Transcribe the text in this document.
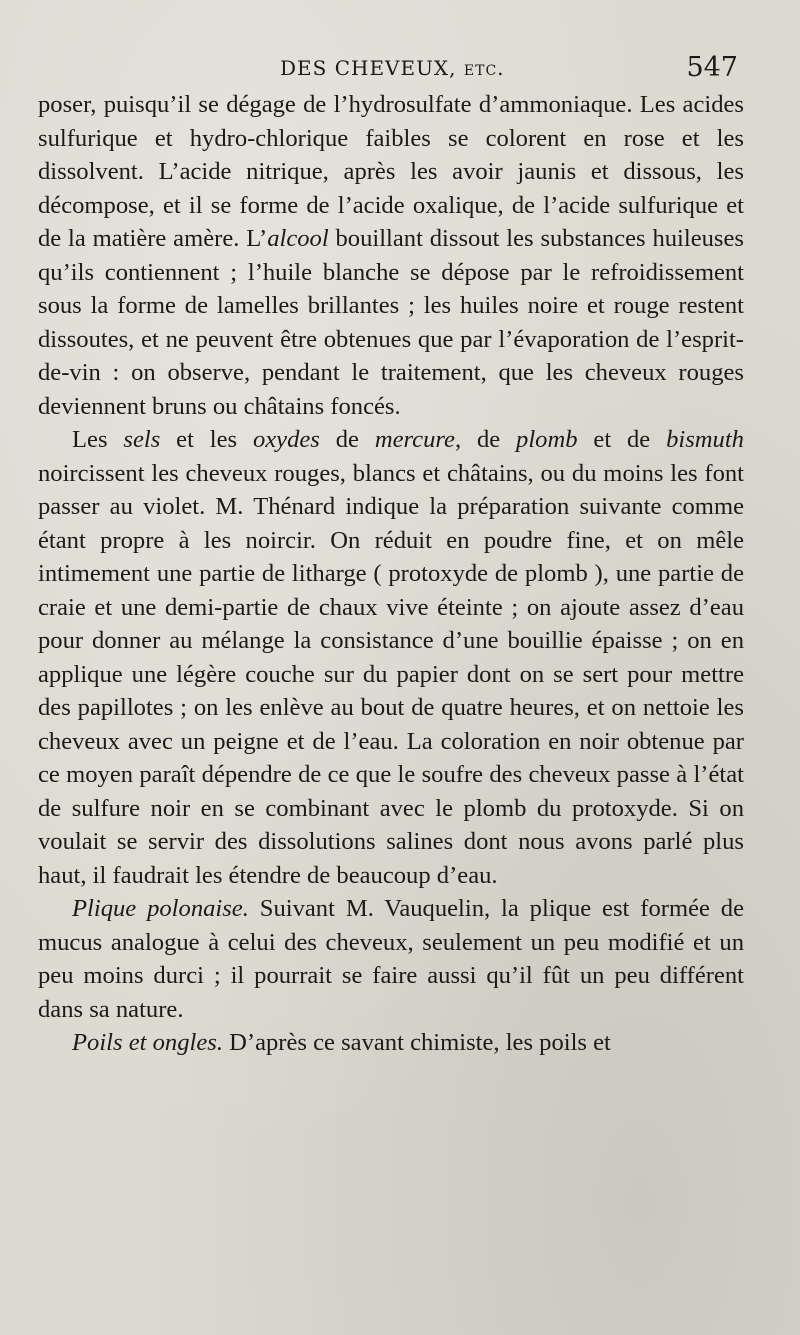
DES CHEVEUX, etc.	547

poser, puisqu’il se dégage de l’hydrosulfate d’ammoniaque. Les acides sulfurique et hydro-chlorique faibles se colorent en rose et les dissolvent. L’acide nitrique, après les avoir jaunis et dissous, les décompose, et il se forme de l’acide oxalique, de l’acide sulfurique et de la matière amère. L’alcool bouillant dissout les substances huileuses qu’ils contiennent ; l’huile blanche se dépose par le refroidissement sous la forme de lamelles brillantes ; les huiles noire et rouge restent dissoutes, et ne peuvent être obtenues que par l’évaporation de l’esprit-de-vin : on observe, pendant le traitement, que les cheveux rouges deviennent bruns ou châtains foncés.

Les sels et les oxydes de mercure, de plomb et de bismuth noircissent les cheveux rouges, blancs et châtains, ou du moins les font passer au violet. M. Thénard indique la préparation suivante comme étant propre à les noircir. On réduit en poudre fine, et on mêle intimement une partie de litharge ( protoxyde de plomb ), une partie de craie et une demi-partie de chaux vive éteinte ; on ajoute assez d’eau pour donner au mélange la consistance d’une bouillie épaisse ; on en applique une légère couche sur du papier dont on se sert pour mettre des papillotes ; on les enlève au bout de quatre heures, et on nettoie les cheveux avec un peigne et de l’eau. La coloration en noir obtenue par ce moyen paraît dépendre de ce que le soufre des cheveux passe à l’état de sulfure noir en se combinant avec le plomb du protoxyde. Si on voulait se servir des dissolutions salines dont nous avons parlé plus haut, il faudrait les étendre de beaucoup d’eau.

Plique polonaise. Suivant M. Vauquelin, la plique est formée de mucus analogue à celui des cheveux, seulement un peu modifié et un peu moins durci ; il pourrait se faire aussi qu’il fût un peu différent dans sa nature.

Poils et ongles. D’après ce savant chimiste, les poils et
